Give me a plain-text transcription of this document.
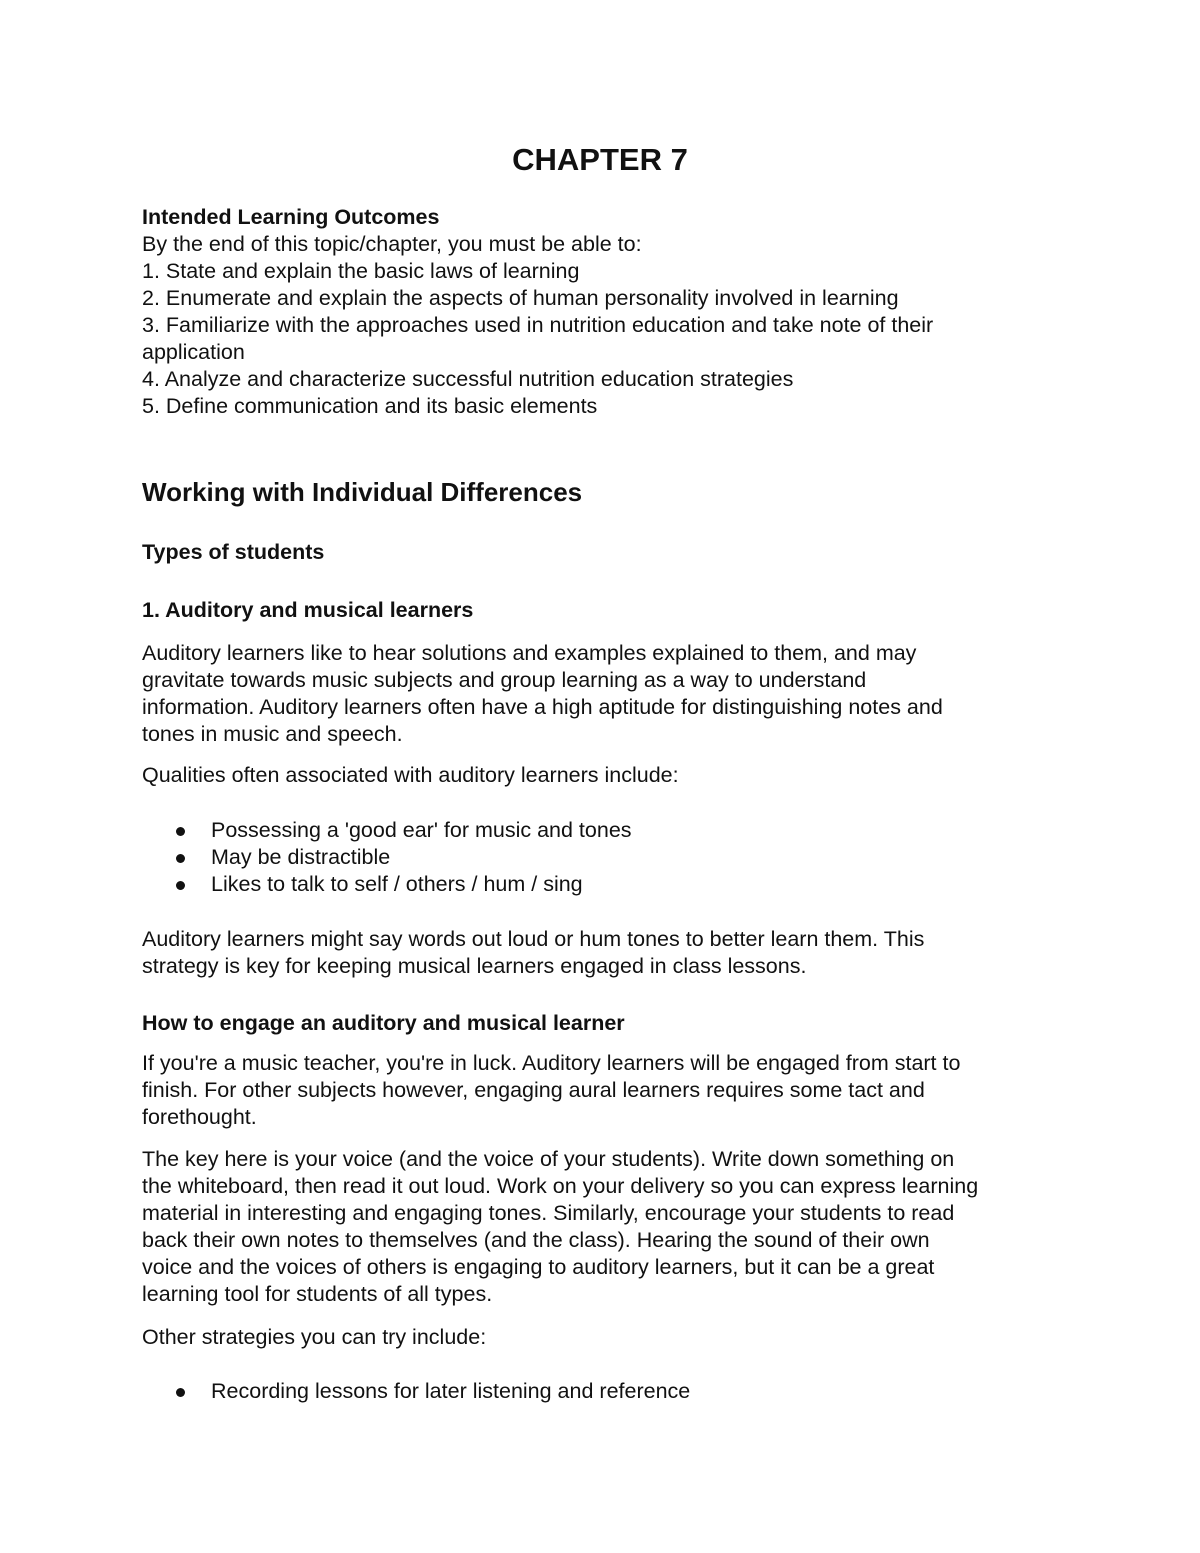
CHAPTER 7
Intended Learning Outcomes
By the end of this topic/chapter, you must be able to:
1. State and explain the basic laws of learning
2. Enumerate and explain the aspects of human personality involved in learning
3. Familiarize with the approaches used in nutrition education and take note of their
application
4. Analyze and characterize successful nutrition education strategies
5. Define communication and its basic elements
Working with Individual Differences
Types of students
1. Auditory and musical learners
Auditory learners like to hear solutions and examples explained to them, and may
gravitate towards music subjects and group learning as a way to understand
information. Auditory learners often have a high aptitude for distinguishing notes and
tones in music and speech.

Qualities often associated with auditory learners include:

Possessing a 'good ear' for music and tones
May be distractible
Likes to talk to self / others / hum / sing
Auditory learners might say words out loud or hum tones to better learn them. This
strategy is key for keeping musical learners engaged in class lessons.
How to engage an auditory and musical learner
If you're a music teacher, you're in luck. Auditory learners will be engaged from start to
finish. For other subjects however, engaging aural learners requires some tact and
forethought.
The key here is your voice (and the voice of your students). Write down something on
the whiteboard, then read it out loud. Work on your delivery so you can express learning
material in interesting and engaging tones. Similarly, encourage your students to read
back their own notes to themselves (and the class). Hearing the sound of their own
voice and the voices of others is engaging to auditory learners, but it can be a great
learning tool for students of all types.

Other strategies you can try include:

Recording lessons for later listening and reference
